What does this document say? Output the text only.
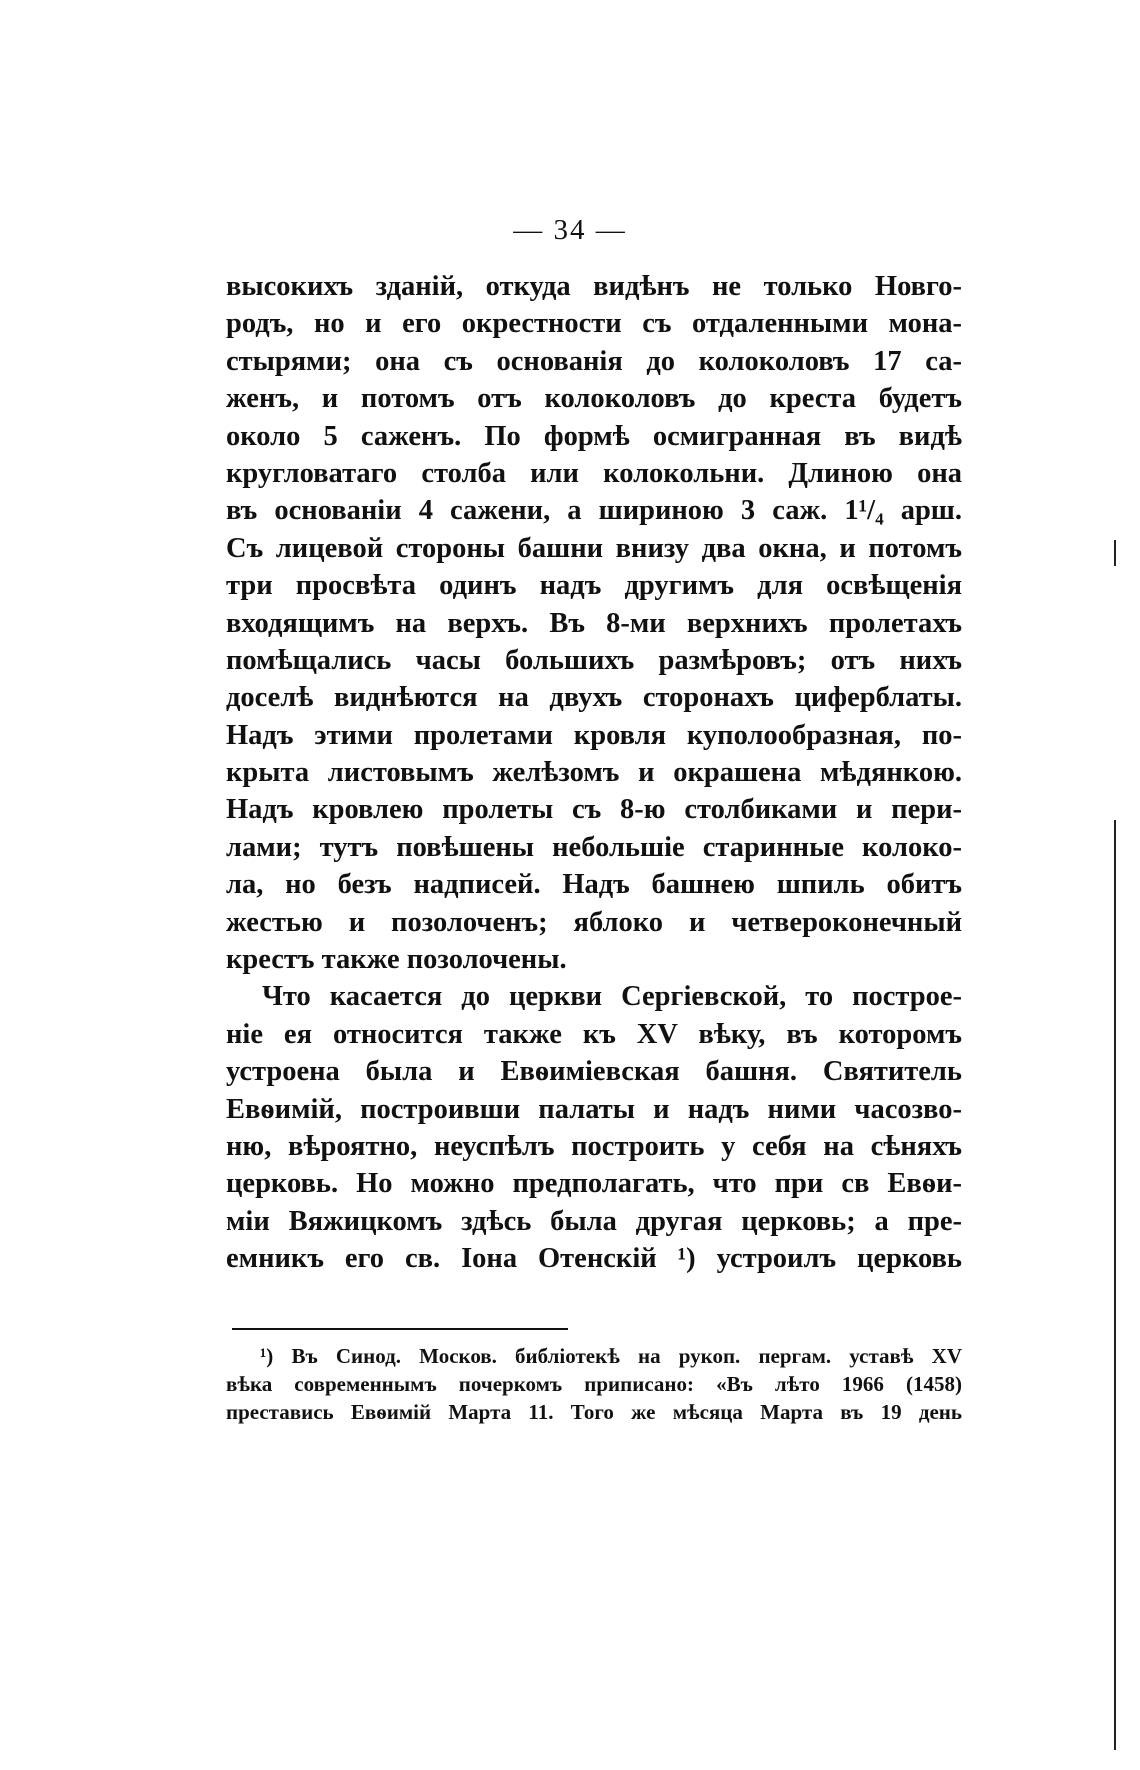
— 34 —
высокихъ зданій, откуда видѣнъ не только Новго-
родъ, но и его окрестности съ отдаленными мона-
стырями; она съ основанія до колоколовъ 17 са-
женъ, и потомъ отъ колоколовъ до креста будетъ
около 5 саженъ. По формѣ осмигранная въ видѣ
кругловатаго столба или колокольни. Длиною она
въ основаніи 4 сажени, а шириною 3 саж. 1¹/₄ арш.
Съ лицевой стороны башни внизу два окна, и потомъ
три просвѣта одинъ надъ другимъ для освѣщенія
входящимъ на верхъ. Въ 8-ми верхнихъ пролетахъ
помѣщались часы большихъ размѣровъ; отъ нихъ
доселѣ виднѣются на двухъ сторонахъ циферблаты.
Надъ этими пролетами кровля куполообразная, по-
крыта листовымъ желѣзомъ и окрашена мѣдянкою.
Надъ кровлею пролеты съ 8-ю столбиками и пери-
лами; тутъ повѣшены небольшіе старинные колоко-
ла, но безъ надписей. Надъ башнею шпиль обитъ
жестью и позолоченъ; яблоко и четвероконечный
крестъ также позолочены.
Что касается до церкви Сергіевской, то построе-
ніе ея относится также къ XV вѣку, въ которомъ
устроена была и Евѳиміевская башня. Святитель
Евѳимій, построивши палаты и надъ ними часозво-
ню, вѣроятно, неуспѣлъ построить у себя на сѣняхъ
церковь. Но можно предполагать, что при св Евѳи-
міи Вяжицкомъ здѣсь была другая церковь; а пре-
емникъ его св. Іона Отенскій ¹) устроилъ церковь
¹) Въ Синод. Москов. библіотекѣ на рукоп. пергам. уставѣ XV
вѣка современнымъ почеркомъ приписано: «Въ лѣто 1966 (1458)
преставись Евѳимій Марта 11. Того же мѣсяца Марта въ 19 день
